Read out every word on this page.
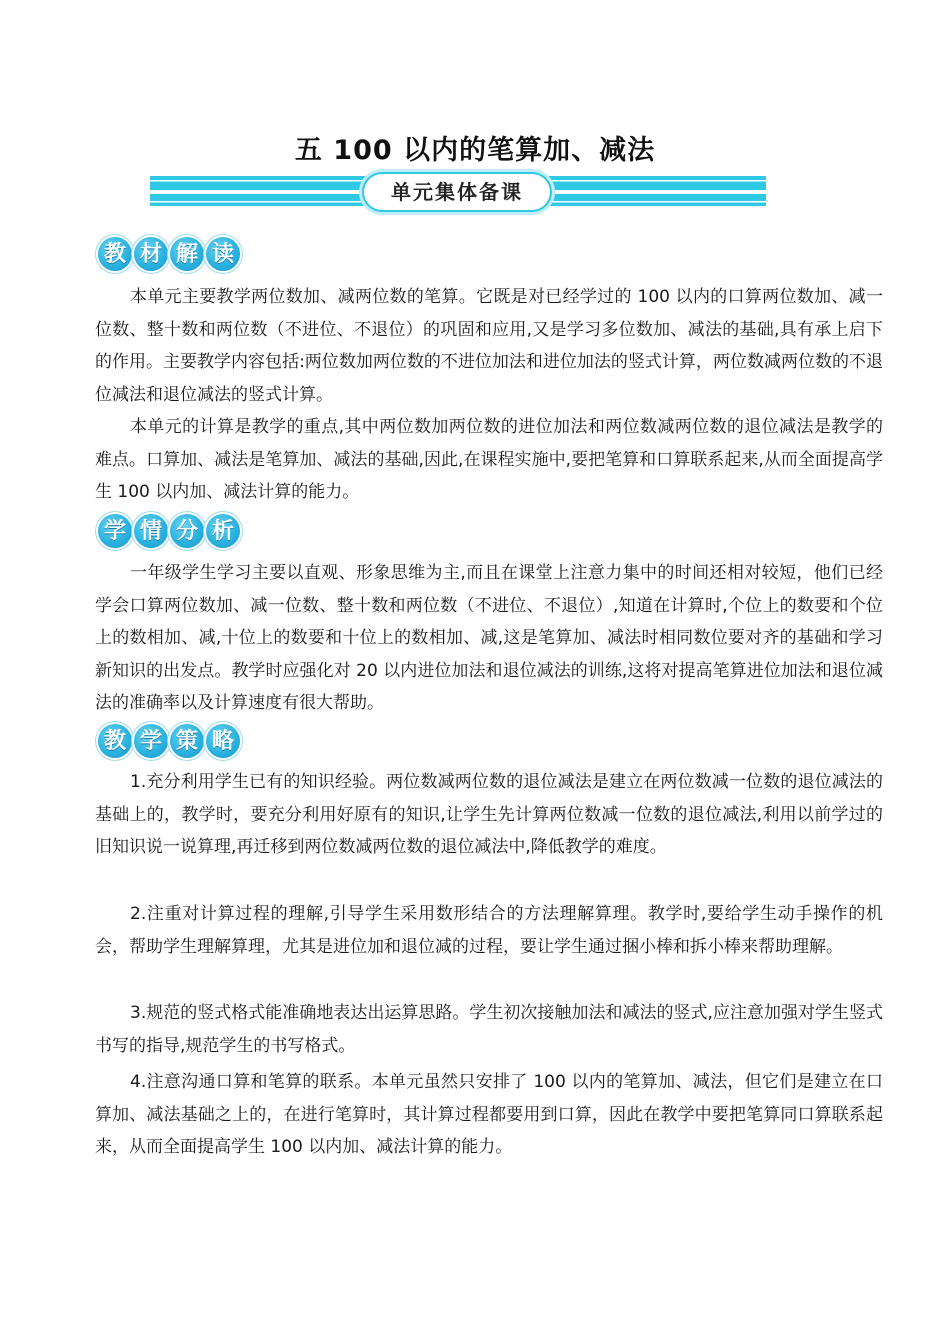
五 100 以内的笔算加、减法
单元集体备课
教 材 解 读

本单元主要教学两位数加、减两位数的笔算。它既是对已经学过的 100 以内的口算两位数加、减一位数、整十数和两位数（不进位、不退位）的巩固和应用,又是学习多位数加、减法的基础,具有承上启下的作用。主要教学内容包括:两位数加两位数的不进位加法和进位加法的竖式计算，两位数减两位数的不退位减法和退位减法的竖式计算。

本单元的计算是教学的重点,其中两位数加两位数的进位加法和两位数减两位数的退位减法是教学的难点。口算加、减法是笔算加、减法的基础,因此,在课程实施中,要把笔算和口算联系起来,从而全面提高学生 100 以内加、减法计算的能力。

学 情 分 析

一年级学生学习主要以直观、形象思维为主,而且在课堂上注意力集中的时间还相对较短，他们已经学会口算两位数加、减一位数、整十数和两位数（不进位、不退位）,知道在计算时,个位上的数要和个位上的数相加、减,十位上的数要和十位上的数相加、减,这是笔算加、减法时相同数位要对齐的基础和学习新知识的出发点。教学时应强化对 20 以内进位加法和退位减法的训练,这将对提高笔算进位加法和退位减法的准确率以及计算速度有很大帮助。

教 学 策 略

1.充分利用学生已有的知识经验。两位数减两位数的退位减法是建立在两位数减一位数的退位减法的基础上的，教学时，要充分利用好原有的知识,让学生先计算两位数减一位数的退位减法,利用以前学过的旧知识说一说算理,再迁移到两位数减两位数的退位减法中,降低教学的难度。

2.注重对计算过程的理解,引导学生采用数形结合的方法理解算理。教学时,要给学生动手操作的机会，帮助学生理解算理，尤其是进位加和退位减的过程，要让学生通过捆小棒和拆小棒来帮助理解。

3.规范的竖式格式能准确地表达出运算思路。学生初次接触加法和减法的竖式,应注意加强对学生竖式书写的指导,规范学生的书写格式。

4.注意沟通口算和笔算的联系。本单元虽然只安排了 100 以内的笔算加、减法，但它们是建立在口算加、减法基础之上的，在进行笔算时，其计算过程都要用到口算，因此在教学中要把笔算同口算联系起来，从而全面提高学生 100 以内加、减法计算的能力。
